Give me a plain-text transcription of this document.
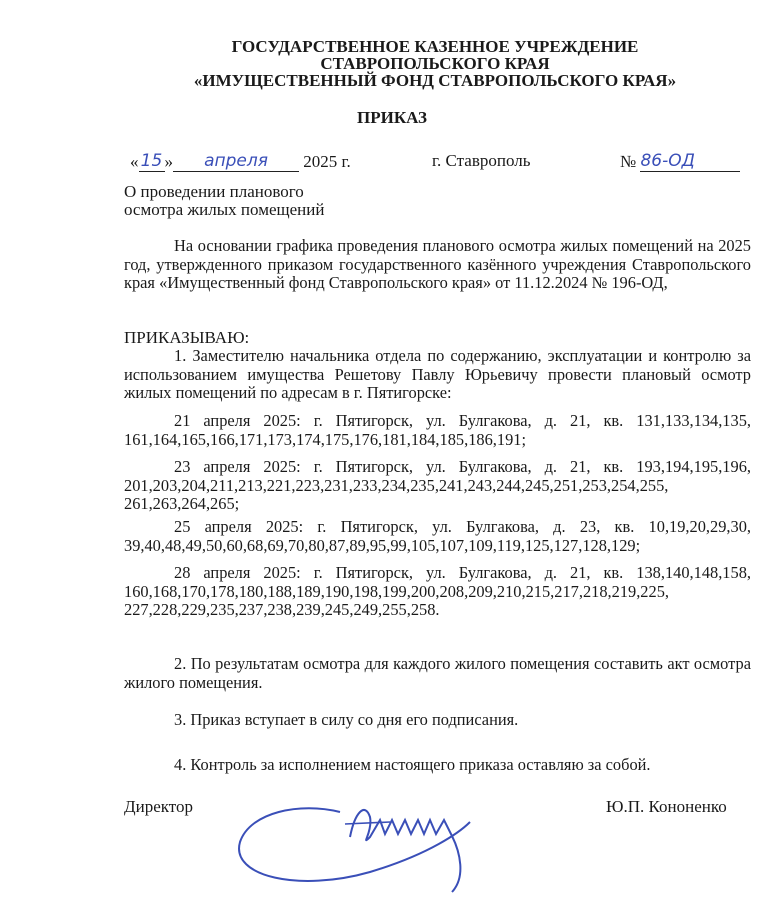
ГОСУДАРСТВЕННОЕ КАЗЕННОЕ УЧРЕЖДЕНИЕ
СТАВРОПОЛЬСКОГО КРАЯ
«ИМУЩЕСТВЕННЫЙ ФОНД СТАВРОПОЛЬСКОГО КРАЯ»
ПРИКАЗ
« 15 » апреля 2025 г.	г. Ставрополь	№ 86-ОД
О проведении планового
осмотра жилых помещений
На основании графика проведения планового осмотра жилых помещений на 2025 год, утвержденного приказом государственного казённого учреждения Ставропольского края «Имущественный фонд Ставропольского края» от 11.12.2024 № 196-ОД,
ПРИКАЗЫВАЮ:
1. Заместителю начальника отдела по содержанию, эксплуатации и контролю за использованием имущества Решетову Павлу Юрьевичу провести плановый осмотр жилых помещений по адресам в г. Пятигорске:
21 апреля 2025: г. Пятигорск, ул. Булгакова, д. 21, кв. 131,133,134,135, 161,164,165,166,171,173,174,175,176,181,184,185,186,191;
23 апреля 2025: г. Пятигорск, ул. Булгакова, д. 21, кв. 193,194,195,196, 201,203,204,211,213,221,223,231,233,234,235,241,243,244,245,251,253,254,255, 261,263,264,265;
25 апреля 2025: г. Пятигорск, ул. Булгакова, д. 23, кв. 10,19,20,29,30, 39,40,48,49,50,60,68,69,70,80,87,89,95,99,105,107,109,119,125,127,128,129;
28 апреля 2025: г. Пятигорск, ул. Булгакова, д. 21, кв. 138,140,148,158, 160,168,170,178,180,188,189,190,198,199,200,208,209,210,215,217,218,219,225, 227,228,229,235,237,238,239,245,249,255,258.
2. По результатам осмотра для каждого жилого помещения составить акт осмотра жилого помещения.
3. Приказ вступает в силу со дня его подписания.
4. Контроль за исполнением настоящего приказа оставляю за собой.
Директор	Ю.П. Кононенко
